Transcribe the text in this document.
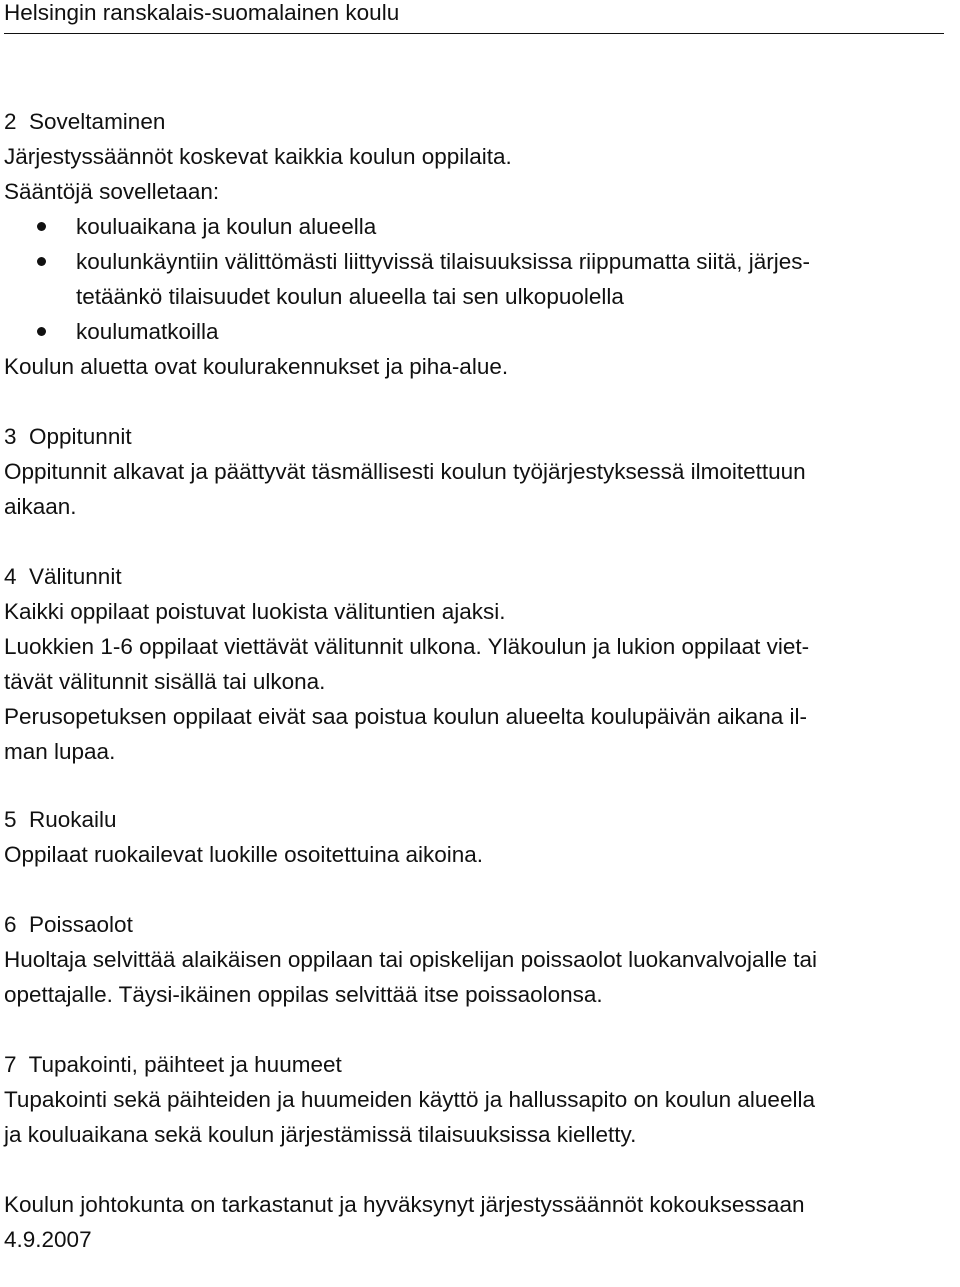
Helsingin ranskalais-suomalainen koulu
2  Soveltaminen
Järjestyssäännöt koskevat kaikkia koulun oppilaita.
Sääntöjä sovelletaan:
kouluaikana ja koulun alueella
koulunkäyntiin välittömästi liittyvissä tilaisuuksissa riippumatta siitä, järjes-
tetäänkö tilaisuudet koulun alueella tai sen ulkopuolella
koulumatkoilla
Koulun aluetta ovat koulurakennukset ja piha-alue.
3  Oppitunnit
Oppitunnit alkavat ja päättyvät täsmällisesti koulun työjärjestyksessä ilmoitettuun
aikaan.
4  Välitunnit
Kaikki oppilaat poistuvat luokista välituntien ajaksi.
Luokkien 1-6 oppilaat viettävät välitunnit ulkona. Yläkoulun ja lukion oppilaat viet-
tävät välitunnit sisällä tai ulkona.
Perusopetuksen oppilaat eivät saa poistua koulun alueelta koulupäivän aikana il-
man lupaa.
5  Ruokailu
Oppilaat ruokailevat luokille osoitettuina aikoina.
6  Poissaolot
Huoltaja selvittää alaikäisen oppilaan tai opiskelijan poissaolot luokanvalvojalle tai
opettajalle. Täysi-ikäinen oppilas selvittää itse poissaolonsa.
7  Tupakointi, päihteet ja huumeet
Tupakointi sekä päihteiden ja huumeiden käyttö ja hallussapito on koulun alueella
ja kouluaikana sekä koulun järjestämissä tilaisuuksissa kielletty.
Koulun johtokunta on tarkastanut ja hyväksynyt järjestyssäännöt kokouksessaan
4.9.2007
